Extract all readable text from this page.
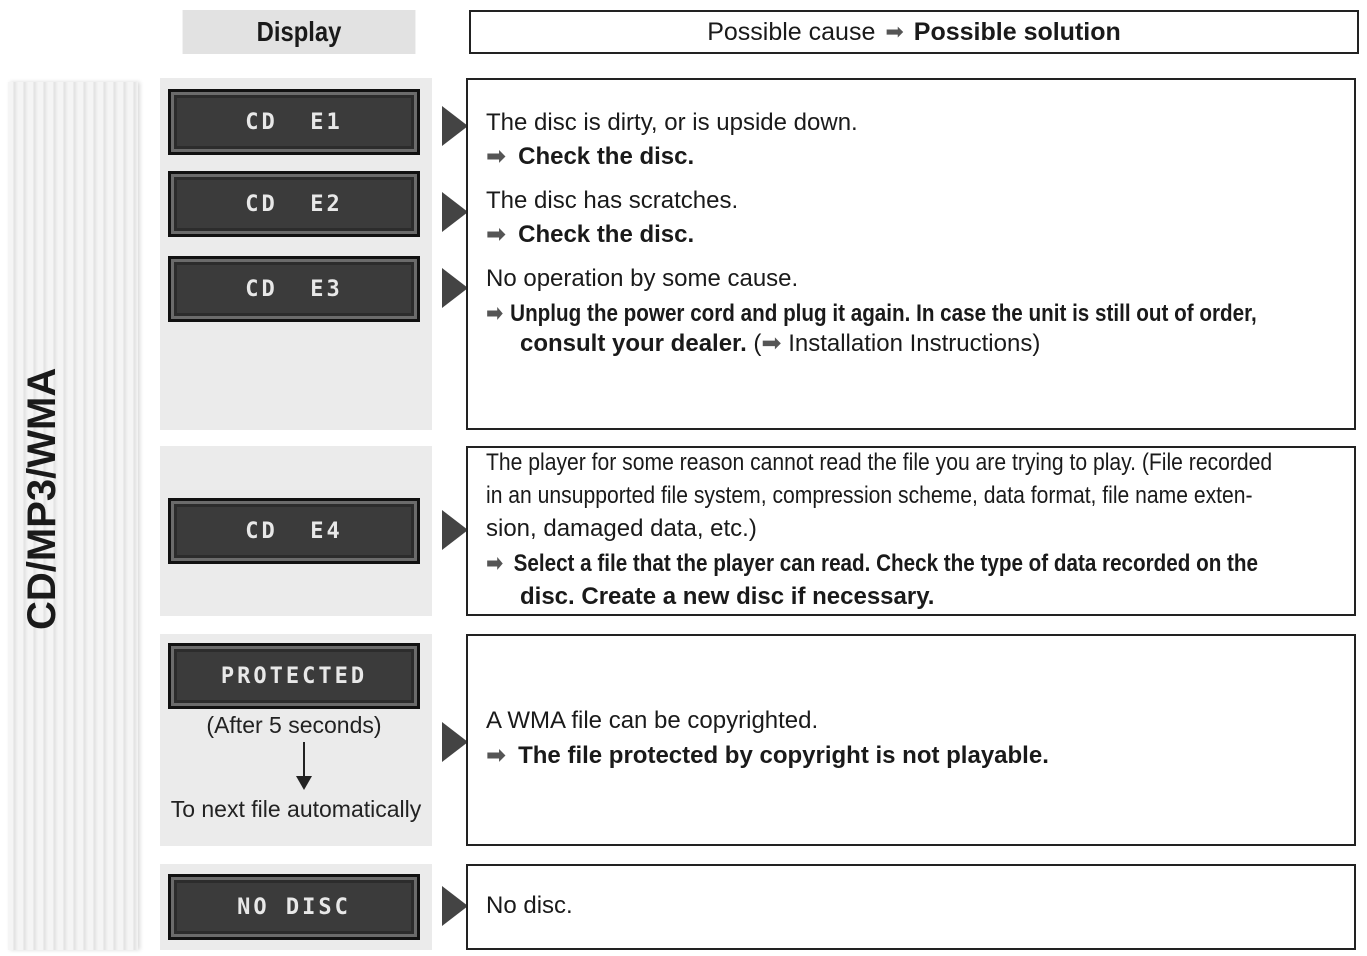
Display	Possible cause ➡ Possible solution
CD/MP3/WMA
CD  E1
CD  E2
CD  E3
The disc is dirty, or is upside down.
➡ Check the disc.
The disc has scratches.
➡ Check the disc.
No operation by some cause.
➡ Unplug the power cord and plug it again. In case the unit is still out of order,
consult your dealer. (➡ Installation Instructions)
CD  E4
The player for some reason cannot read the file you are trying to play. (File recorded
in an unsupported file system, compression scheme, data format, file name exten-
sion, damaged data, etc.)
➡ Select a file that the player can read. Check the type of data recorded on the
disc. Create a new disc if necessary.
PROTECTED
(After 5 seconds)
To next file automatically
A WMA file can be copyrighted.
➡ The file protected by copyright is not playable.
NO DISC	No disc.
